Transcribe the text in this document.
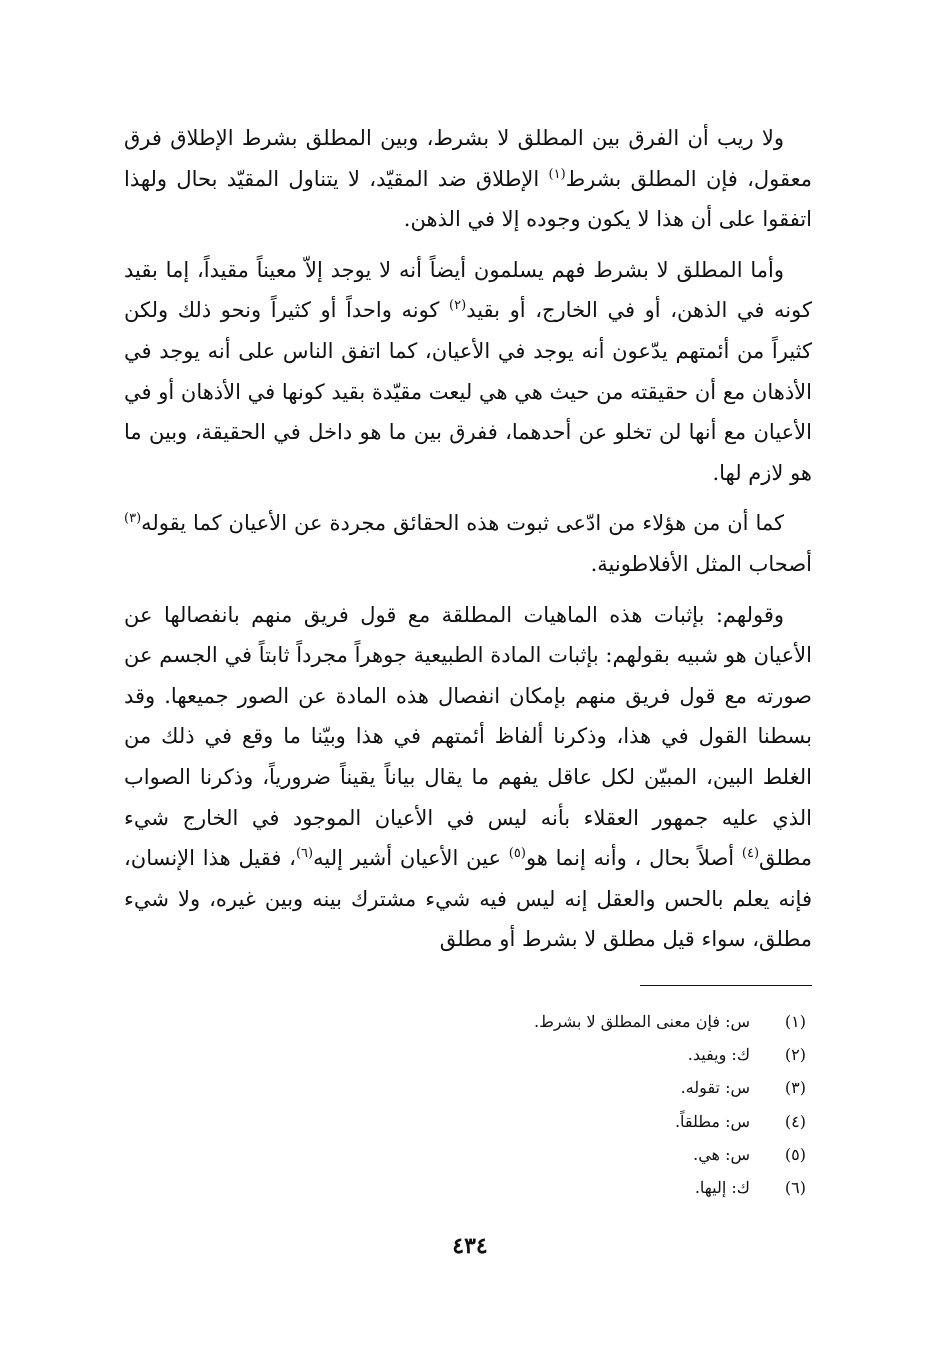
ولا ريب أن الفرق بين المطلق لا بشرط، وبين المطلق بشرط الإطلاق فرق معقول، فإن المطلق بشرط$^{(١)}$ الإطلاق ضد المقيّد، لا يتناول المقيّد بحال ولهذا اتفقوا على أن هذا لا يكون وجوده إلا في الذهن.

وأما المطلق لا بشرط فهم يسلمون أيضاً أنه لا يوجد إلاّ معيناً مقيداً، إما بقيد كونه في الذهن، أو في الخارج، أو بقيد$^{(٢)}$ كونه واحداً أو كثيراً ونحو ذلك ولكن كثيراً من أئمتهم يدّعون أنه يوجد في الأعيان، كما اتفق الناس على أنه يوجد في الأذهان مع أن حقيقته من حيث هي هي ليعت مقيّدة بقيد كونها في الأذهان أو في الأعيان مع أنها لن تخلو عن أحدهما، ففرق بين ما هو داخل في الحقيقة، وبين ما هو لازم لها.

كما أن من هؤلاء من ادّعى ثبوت هذه الحقائق مجردة عن الأعيان كما يقوله$^{(٣)}$ أصحاب المثل الأفلاطونية.

وقولهم: بإثبات هذه الماهيات المطلقة مع قول فريق منهم بانفصالها عن الأعيان هو شبيه بقولهم: بإثبات المادة الطبيعية جوهراً مجرداً ثابتاً في الجسم عن صورته مع قول فريق منهم بإمكان انفصال هذه المادة عن الصور جميعها. وقد بسطنا القول في هذا، وذكرنا ألفاظ أئمتهم في هذا وبيّنا ما وقع في ذلك من الغلط البين، المبيّن لكل عاقل يفهم ما يقال بياناً يقيناً ضرورياً، وذكرنا الصواب الذي عليه جمهور العقلاء بأنه ليس في الأعيان الموجود في الخارج شيء مطلق$^{(٤)}$ أصلاً بحال ، وأنه إنما هو$^{(٥)}$ عين الأعيان أشير إليه$^{(٦)}$، فقيل هذا الإنسان، فإنه يعلم بالحس والعقل إنه ليس فيه شيء مشترك بينه وبين غيره، ولا شيء مطلق، سواء قيل مطلق لا بشرط أو مطلق

(١)
س: فإن معنى المطلق لا بشرط.
(٢)
ك: ويفيد.
(٣)
س: تقوله.
(٤)
س: مطلقاً.
(٥)
س: هي.
(٦)
ك: إليها.
٤٣٤
